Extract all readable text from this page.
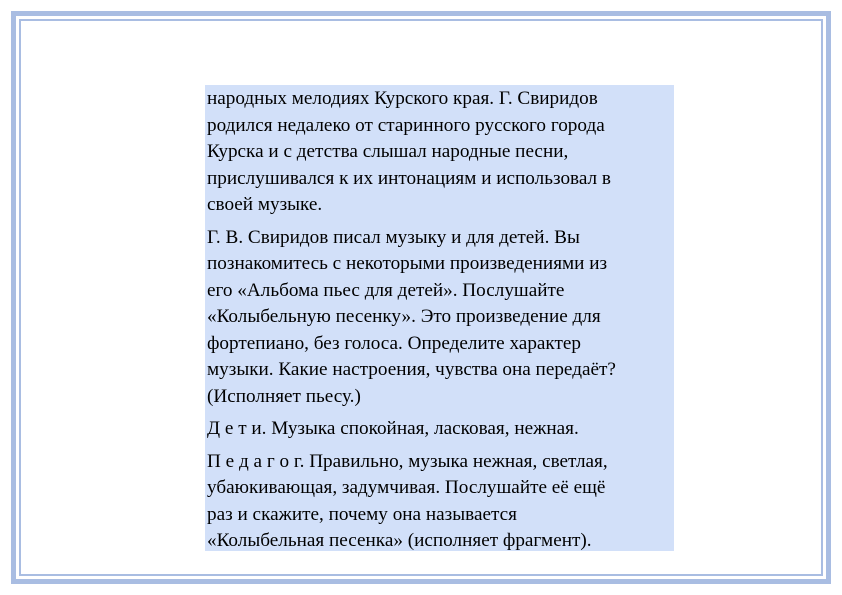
народных мелодиях Курского края. Г. Свиридов
родился недалеко от старинного русского города
Курска и с детства слышал народные песни,
прислушивался к их интонациям и использовал в
своей музыке.
Г. В. Свиридов писал музыку и для детей. Вы
познакомитесь с некоторыми произведениями из
его «Альбома пьес для детей». Послушайте
«Колыбельную песенку». Это произведение для
фортепиано, без голоса. Определите характер
музыки. Какие настроения, чувства она передаёт?
(Исполняет пьесу.)
Д е т и. Музыка спокойная, ласковая, нежная.
П е д а г о г. Правильно, музыка нежная, светлая,
убаюкивающая, задумчивая. Послушайте её ещё
раз и скажите, почему она называется
«Колыбельная песенка» (исполняет фрагмент).
